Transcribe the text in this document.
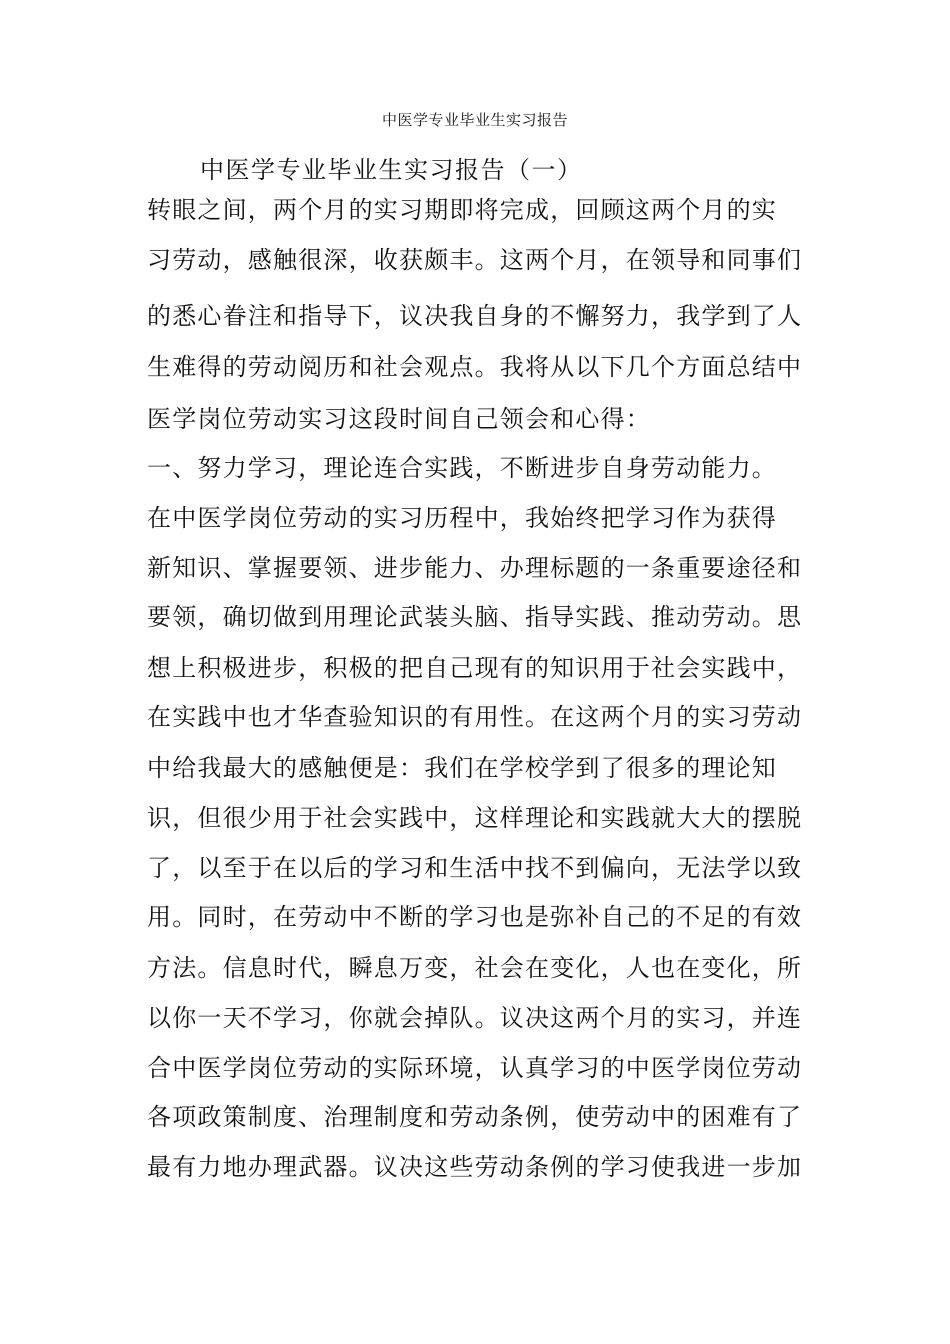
中医学专业毕业生实习报告
中医学专业毕业生实习报告（一）
转眼之间，两个月的实习期即将完成，回顾这两个月的实
习劳动，感触很深，收获颇丰。这两个月，在领导和同事们
的悉心眷注和指导下，议决我自身的不懈努力，我学到了人
生难得的劳动阅历和社会观点。我将从以下几个方面总结中
医学岗位劳动实习这段时间自己领会和心得：
一、努力学习，理论连合实践，不断进步自身劳动能力。
在中医学岗位劳动的实习历程中，我始终把学习作为获得
新知识、掌握要领、进步能力、办理标题的一条重要途径和
要领，确切做到用理论武装头脑、指导实践、推动劳动。思
想上积极进步，积极的把自己现有的知识用于社会实践中，
在实践中也才华查验知识的有用性。在这两个月的实习劳动
中给我最大的感触便是：我们在学校学到了很多的理论知
识，但很少用于社会实践中，这样理论和实践就大大的摆脱
了，以至于在以后的学习和生活中找不到偏向，无法学以致
用。同时，在劳动中不断的学习也是弥补自己的不足的有效
方法。信息时代，瞬息万变，社会在变化，人也在变化，所
以你一天不学习，你就会掉队。议决这两个月的实习，并连
合中医学岗位劳动的实际环境，认真学习的中医学岗位劳动
各项政策制度、治理制度和劳动条例，使劳动中的困难有了
最有力地办理武器。议决这些劳动条例的学习使我进一步加
